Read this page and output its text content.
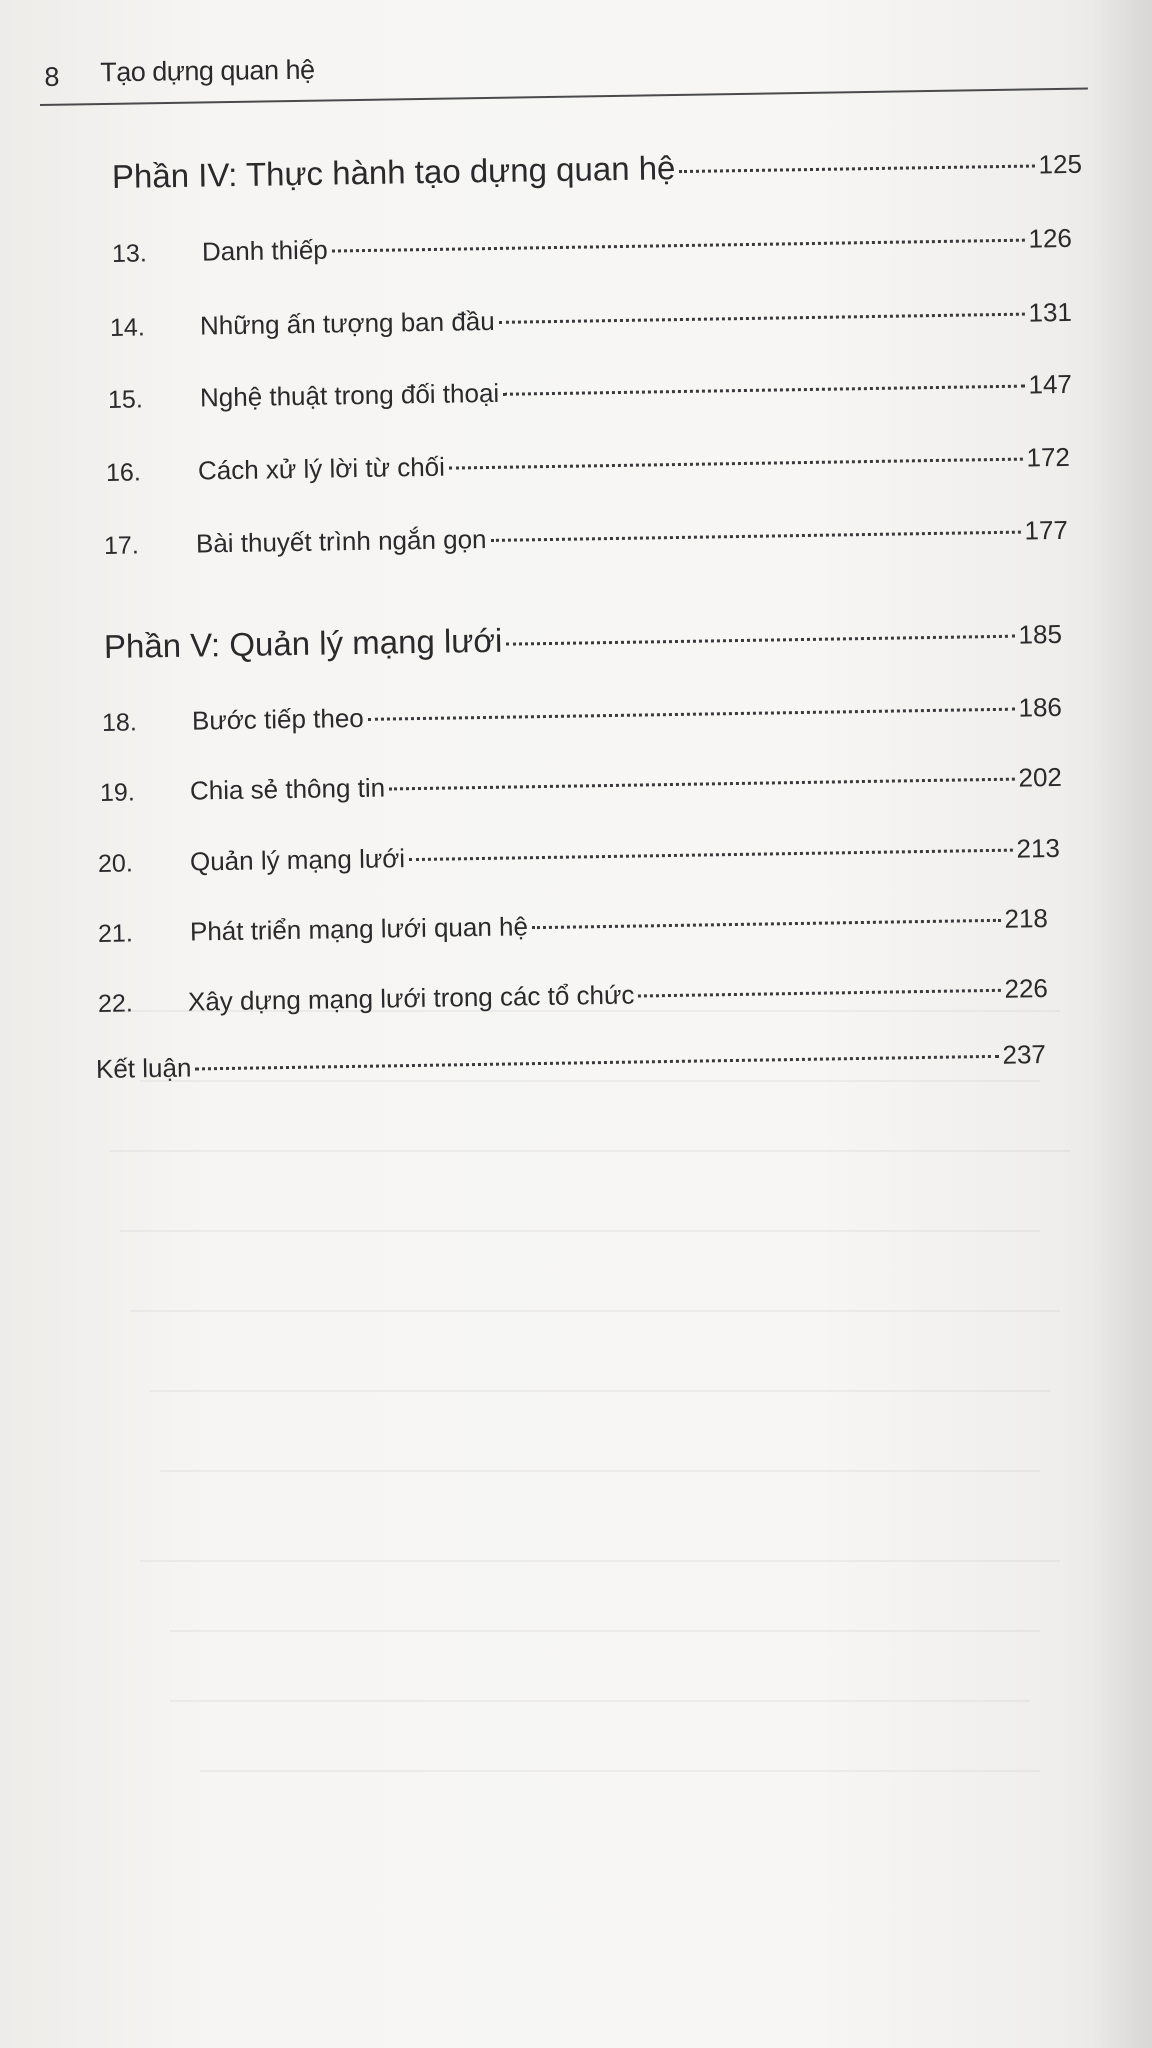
8 Tạo dựng quan hệ
Phần IV: Thực hành tạo dựng quan hệ	125
13.	Danh thiếp	126
14.	Những ấn tượng ban đầu	131
15.	Nghệ thuật trong đối thoại	147
16.	Cách xử lý lời từ chối	172
17.	Bài thuyết trình ngắn gọn	177
Phần V: Quản lý mạng lưới	185
18.	Bước tiếp theo	186
19.	Chia sẻ thông tin	202
20.	Quản lý mạng lưới	213
21.	Phát triển mạng lưới quan hệ	218
22.	Xây dựng mạng lưới trong các tổ chức	226
Kết luận	237
